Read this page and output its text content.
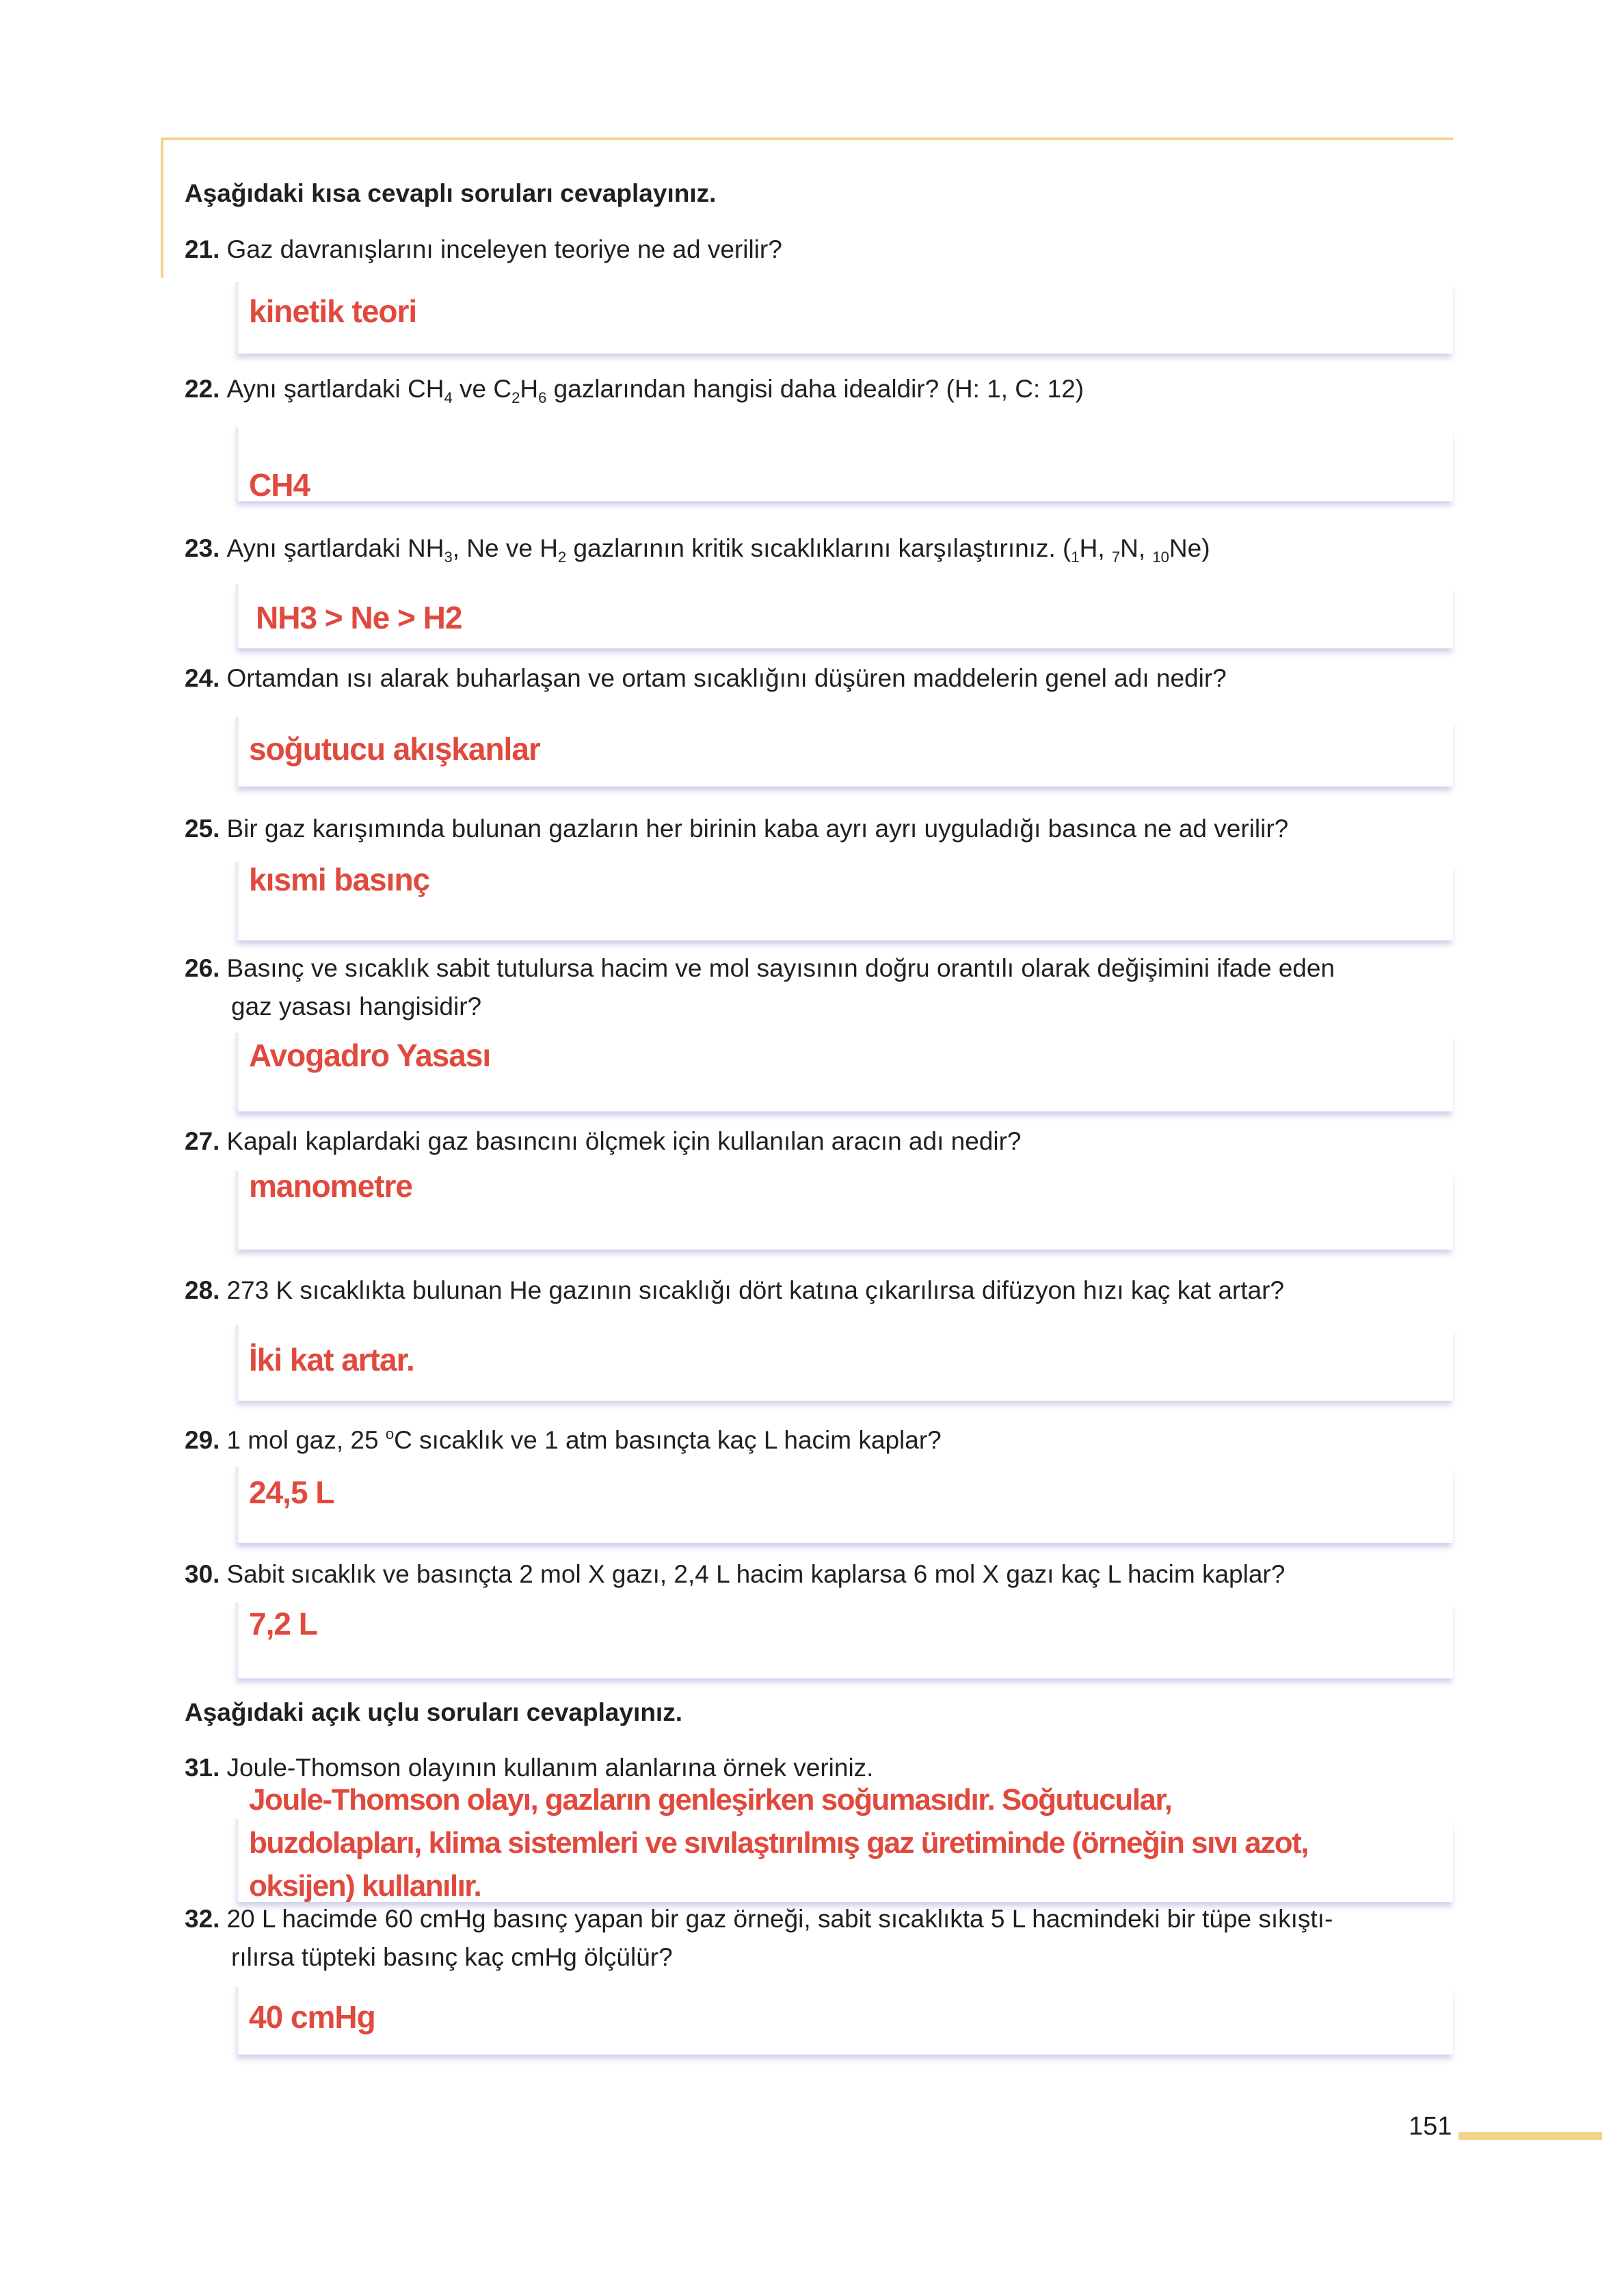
Aşağıdaki kısa cevaplı soruları cevaplayınız.
21. Gaz davranışlarını inceleyen teoriye ne ad verilir?
kinetik teori
22. Aynı şartlardaki $CH_4$ ve $C_2H_6$ gazlarından hangisi daha idealdir? (H: 1, C: 12)
CH4
23. Aynı şartlardaki $NH_3$, Ne ve $H_2$ gazlarının kritik sıcaklıklarını karşılaştırınız. ($_1H$, $_7$N, $_{10}$Ne)
NH3 > Ne > H2
24. Ortamdan ısı alarak buharlaşan ve ortam sıcaklığını düşüren maddelerin genel adı nedir?
soğutucu akışkanlar
25. Bir gaz karışımında bulunan gazların her birinin kaba ayrı ayrı uyguladığı basınca ne ad verilir?
kısmi basınç
26. Basınç ve sıcaklık sabit tutulursa hacim ve mol sayısının doğru orantılı olarak değişimini ifade eden
gaz yasası hangisidir?
Avogadro Yasası
27. Kapalı kaplardaki gaz basıncını ölçmek için kullanılan aracın adı nedir?
manometre
28. 273 K sıcaklıkta bulunan He gazının sıcaklığı dört katına çıkarılırsa difüzyon hızı kaç kat artar?
İki kat artar.
29. 1 mol gaz, 25 $^o$C sıcaklık ve 1 atm basınçta kaç L hacim kaplar?
24,5 L
30. Sabit sıcaklık ve basınçta 2 mol X gazı, 2,4 L hacim kaplarsa 6 mol X gazı kaç L hacim kaplar?
7,2 L
Aşağıdaki açık uçlu soruları cevaplayınız.
31. Joule-Thomson olayının kullanım alanlarına örnek veriniz.
Joule-Thomson olayı, gazların genleşirken soğumasıdır. Soğutucular,
buzdolapları, klima sistemleri ve sıvılaştırılmış gaz üretiminde (örneğin sıvı azot,
oksijen) kullanılır.
32. 20 L hacimde 60 cmHg basınç yapan bir gaz örneği, sabit sıcaklıkta 5 L hacmindeki bir tüpe sıkıştı-
rılırsa tüpteki basınç kaç cmHg ölçülür?
40 cmHg
151
